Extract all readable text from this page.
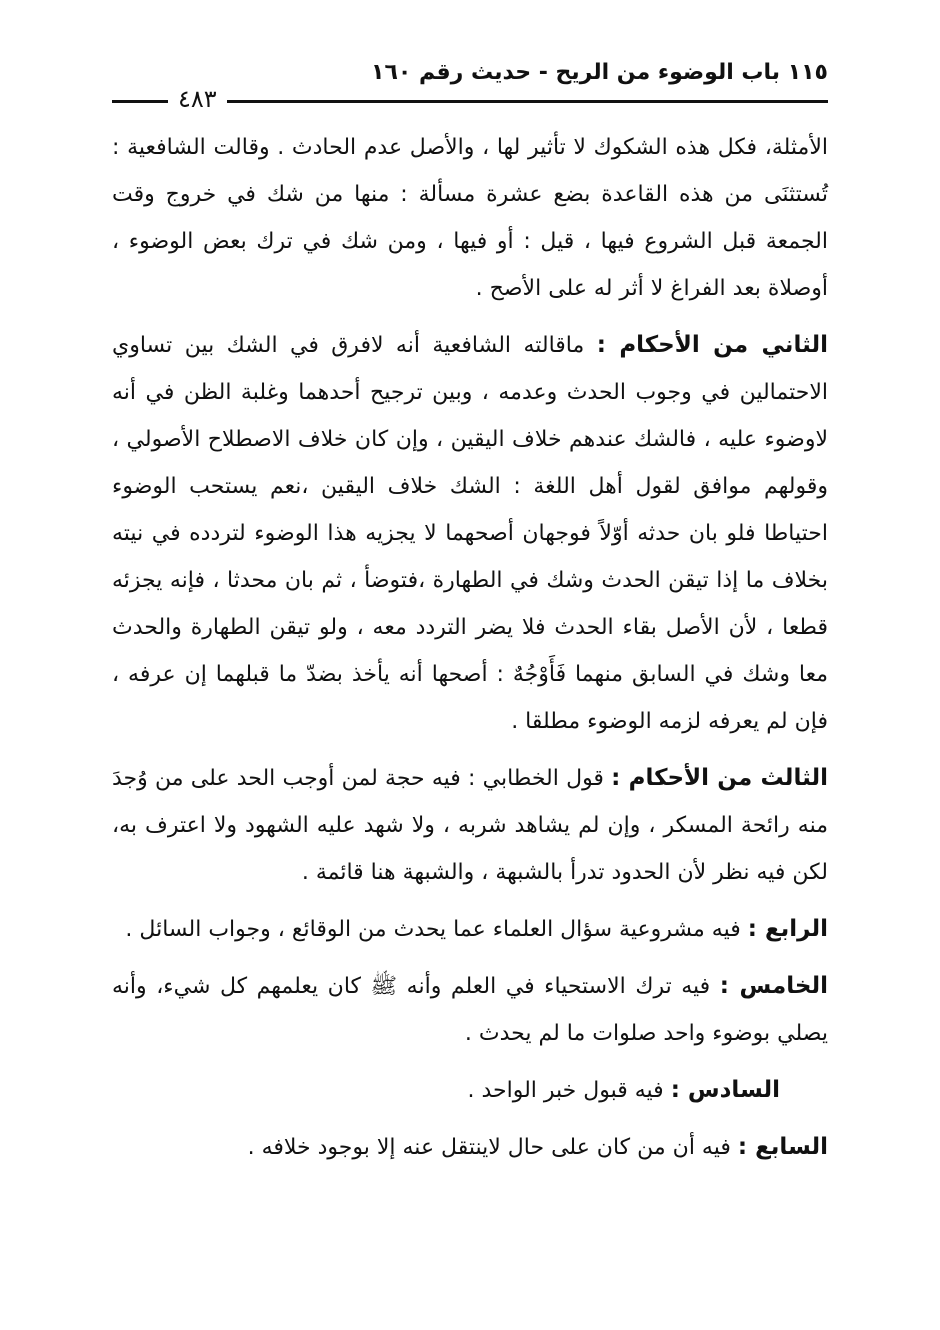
١١٥ باب الوضوء من الريح - حديث رقم ١٦٠
٤٨٣

الأمثلة، فكل هذه الشكوك لا تأثير لها ، والأصل عدم الحادث . وقالت الشافعية : تُستثنَى من هذه القاعدة بضع عشرة مسألة : منها من شك في خروج وقت الجمعة قبل الشروع فيها ، قيل : أو فيها ، ومن شك في ترك بعض الوضوء ، أوصلاة بعد الفراغ لا أثر له على الأصح .

الثاني من الأحكام : ماقالته الشافعية أنه لافرق في الشك بين تساوي الاحتمالين في وجوب الحدث وعدمه ، وبين ترجيح أحدهما وغلبة الظن في أنه لاوضوء عليه ، فالشك عندهم خلاف اليقين ، وإن كان خلاف الاصطلاح الأصولي ، وقولهم موافق لقول أهل اللغة : الشك خلاف اليقين ،نعم يستحب الوضوء احتياطا فلو بان حدثه أوّلاً فوجهان أصحهما لا يجزيه هذا الوضوء لتردده في نيته بخلاف ما إذا تيقن الحدث وشك في الطهارة ،فتوضأ ، ثم بان محدثا ، فإنه يجزئه قطعا ، لأن الأصل بقاء الحدث فلا يضر التردد معه ، ولو تيقن الطهارة والحدث معا وشك في السابق منهما فَأَوْجُهٌ : أصحها أنه يأخذ بضدّ ما قبلهما إن عرفه ، فإن لم يعرفه لزمه الوضوء مطلقا .

الثالث من الأحكام : قول الخطابي : فيه حجة لمن أوجب الحد على من وُجدَ منه رائحة المسكر ، وإن لم يشاهد شربه ، ولا شهد عليه الشهود ولا اعترف به، لكن فيه نظر لأن الحدود تدرأ بالشبهة ، والشبهة هنا قائمة .

الرابع : فيه مشروعية سؤال العلماء عما يحدث من الوقائع ، وجواب السائل .

الخامس : فيه ترك الاستحياء في العلم وأنه ﷺ كان يعلمهم كل شيء، وأنه يصلي بوضوء واحد صلوات ما لم يحدث .

السادس : فيه قبول خبر الواحد .

السابع : فيه أن من كان على حال لاينتقل عنه إلا بوجود خلافه .
